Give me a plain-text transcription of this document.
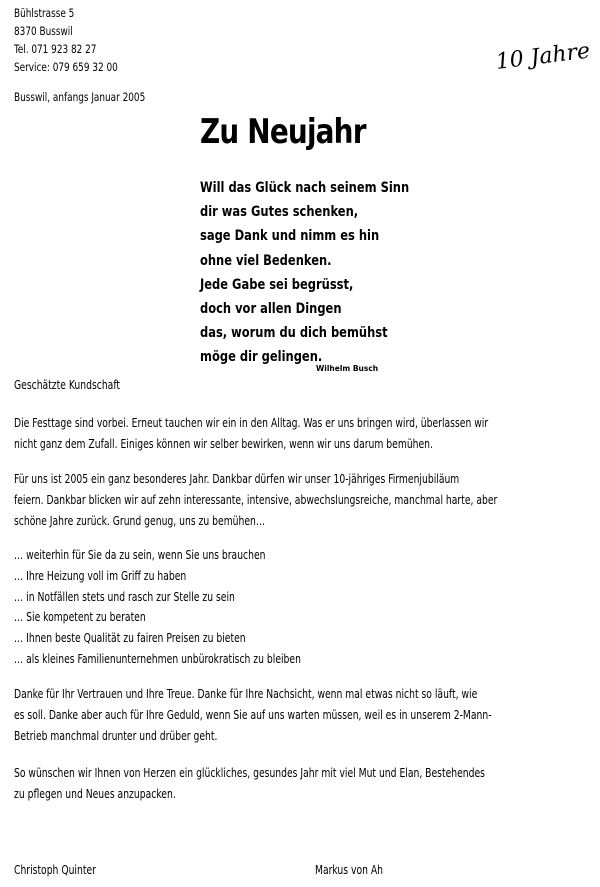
Bühlstrasse 5
8370 Busswil
Tel. 071 923 82 27
Service: 079 659 32 00	10 Jahre
Busswil, anfangs Januar 2005
Zu Neujahr
Will das Glück nach seinem Sinn
dir was Gutes schenken,
sage Dank und nimm es hin
ohne viel Bedenken.
Jede Gabe sei begrüsst,
doch vor allen Dingen
das, worum du dich bemühst
möge dir gelingen.
Wilhelm Busch
Geschätzte Kundschaft
Die Festtage sind vorbei. Erneut tauchen wir ein in den Alltag. Was er uns bringen wird, überlassen wir
nicht ganz dem Zufall. Einiges können wir selber bewirken, wenn wir uns darum bemühen.
Für uns ist 2005 ein ganz besonderes Jahr. Dankbar dürfen wir unser 10-jähriges Firmenjubiläum
feiern. Dankbar blicken wir auf zehn interessante, intensive, abwechslungsreiche, manchmal harte, aber
schöne Jahre zurück. Grund genug, uns zu bemühen…
… weiterhin für Sie da zu sein, wenn Sie uns brauchen
… Ihre Heizung voll im Griff zu haben
… in Notfällen stets und rasch zur Stelle zu sein
… Sie kompetent zu beraten
… Ihnen beste Qualität zu fairen Preisen zu bieten
… als kleines Familienunternehmen unbürokratisch zu bleiben
Danke für Ihr Vertrauen und Ihre Treue. Danke für Ihre Nachsicht, wenn mal etwas nicht so läuft, wie
es soll. Danke aber auch für Ihre Geduld, wenn Sie auf uns warten müssen, weil es in unserem 2-Mann-
Betrieb manchmal drunter und drüber geht.
So wünschen wir Ihnen von Herzen ein glückliches, gesundes Jahr mit viel Mut und Elan, Bestehendes
zu pflegen und Neues anzupacken.
Christoph Quinter	Markus von Ah
